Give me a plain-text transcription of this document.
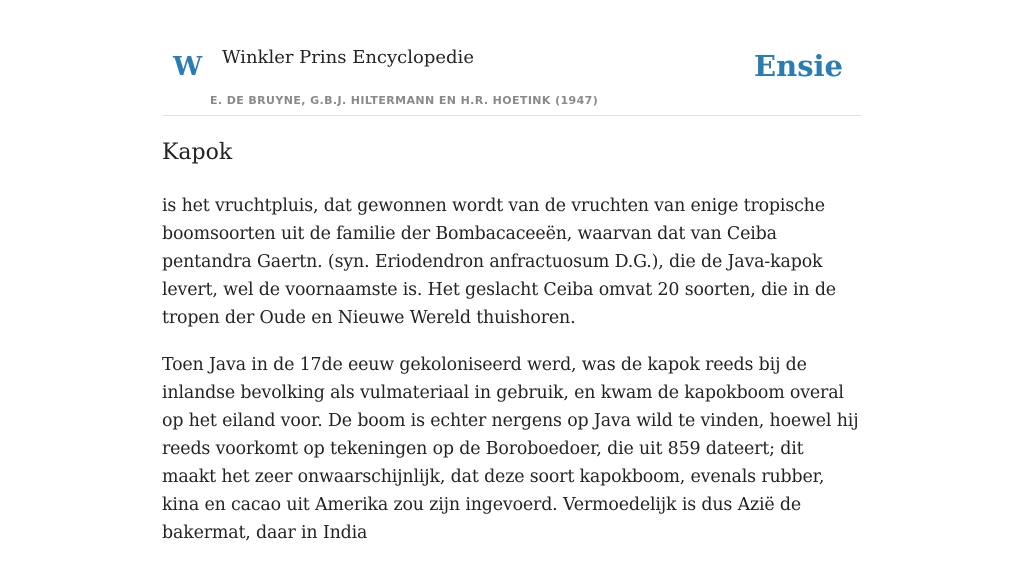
W Winkler Prins Encyclopedie
E. DE BRUYNE, G.B.J. HILTERMANN EN H.R. HOETINK (1947)
Ensie
Kapok

is het vruchtpluis, dat gewonnen wordt van de vruchten van enige tropische boomsoorten uit de familie der Bombacaceeën, waarvan dat van Ceiba pentandra Gaertn. (syn. Eriodendron anfractuosum D.G.), die de Java-kapok levert, wel de voornaamste is. Het geslacht Ceiba omvat 20 soorten, die in de tropen der Oude en Nieuwe Wereld thuishoren.

Toen Java in de 17de eeuw gekoloniseerd werd, was de kapok reeds bij de inlandse bevolking als vulmateriaal in gebruik, en kwam de kapokboom overal op het eiland voor. De boom is echter nergens op Java wild te vinden, hoewel hij reeds voorkomt op tekeningen op de Boroboedoer, die uit 859 dateert; dit maakt het zeer onwaarschijnlijk, dat deze soort kapokboom, evenals rubber, kina en cacao uit Amerika zou zijn ingevoerd. Vermoedelijk is dus Azië de bakermat, daar in India
